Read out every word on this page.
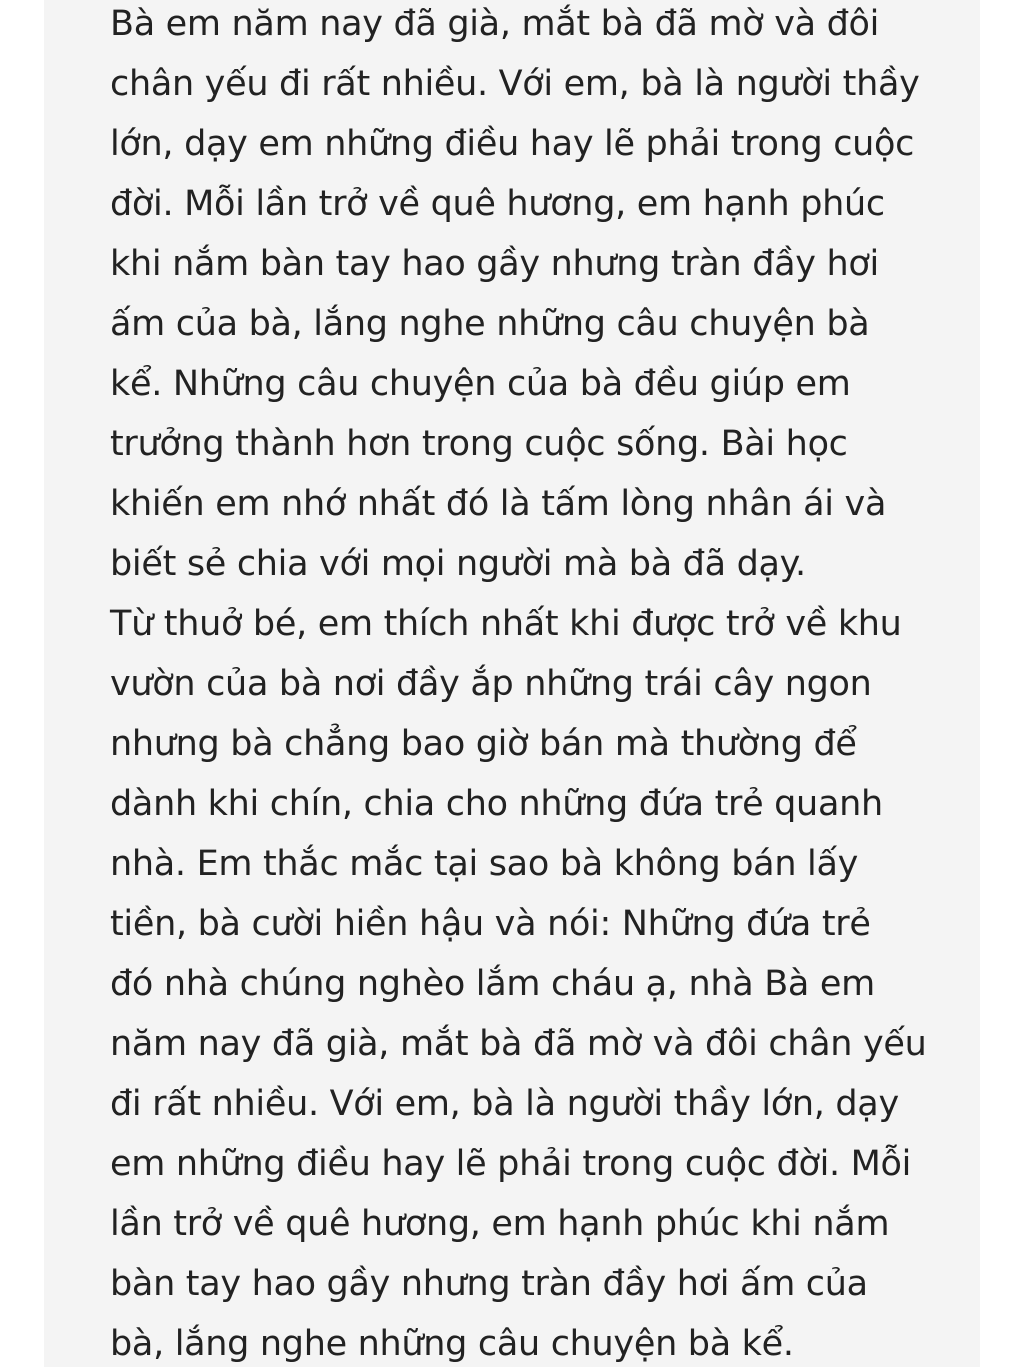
Bà em năm nay đã già, mắt bà đã mờ và đôi
chân yếu đi rất nhiều. Với em, bà là người thầy
lớn, dạy em những điều hay lẽ phải trong cuộc
đời. Mỗi lần trở về quê hương, em hạnh phúc
khi nắm bàn tay hao gầy nhưng tràn đầy hơi
ấm của bà, lắng nghe những câu chuyện bà
kể. Những câu chuyện của bà đều giúp em
trưởng thành hơn trong cuộc sống. Bài học
khiến em nhớ nhất đó là tấm lòng nhân ái và
biết sẻ chia với mọi người mà bà đã dạy.
Từ thuở bé, em thích nhất khi được trở về khu
vườn của bà nơi đầy ắp những trái cây ngon
nhưng bà chẳng bao giờ bán mà thường để
dành khi chín, chia cho những đứa trẻ quanh
nhà. Em thắc mắc tại sao bà không bán lấy
tiền, bà cười hiền hậu và nói: Những đứa trẻ
đó nhà chúng nghèo lắm cháu ạ, nhà Bà em
năm nay đã già, mắt bà đã mờ và đôi chân yếu
đi rất nhiều. Với em, bà là người thầy lớn, dạy
em những điều hay lẽ phải trong cuộc đời. Mỗi
lần trở về quê hương, em hạnh phúc khi nắm
bàn tay hao gầy nhưng tràn đầy hơi ấm của
bà, lắng nghe những câu chuyện bà kể.
